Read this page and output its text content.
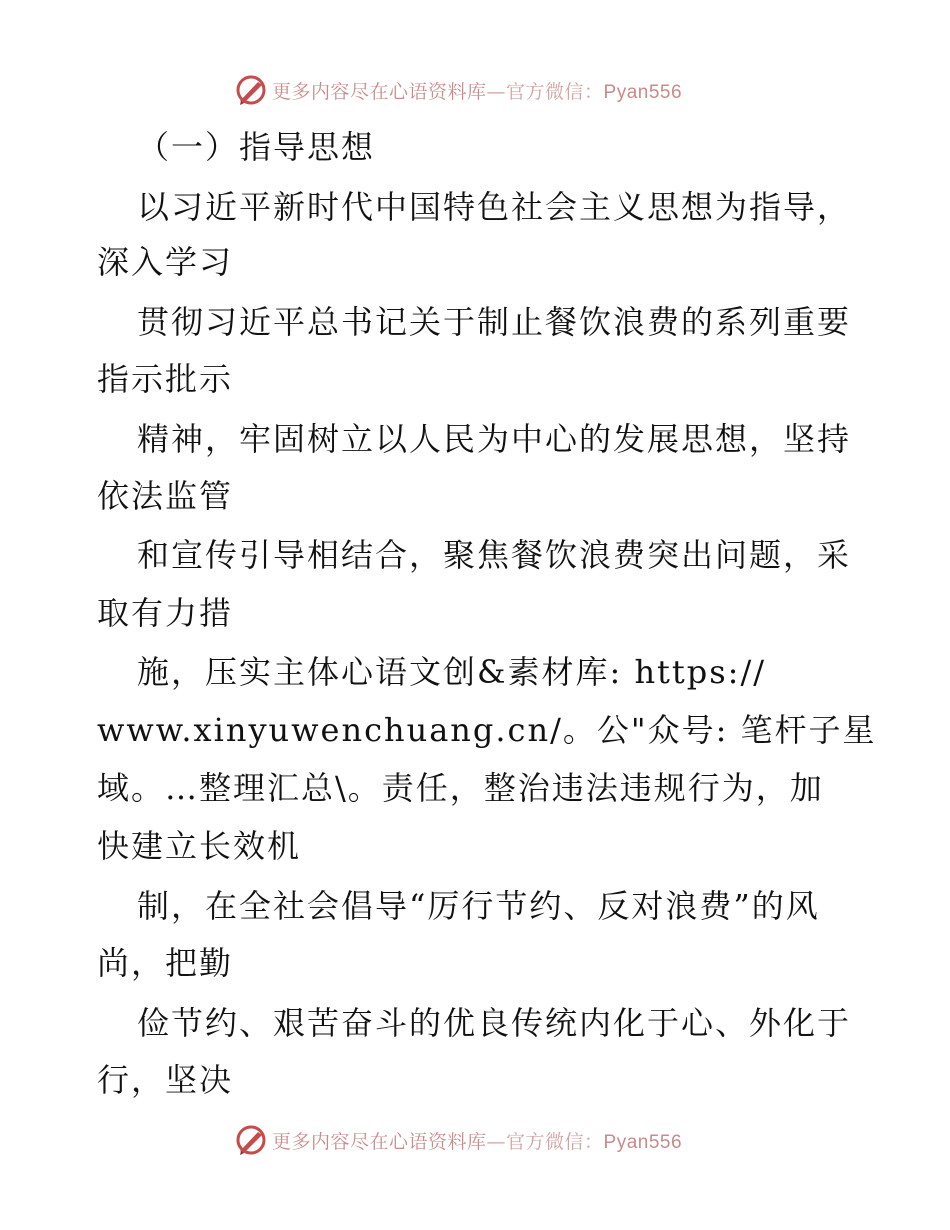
更多内容尽在心语资料库—官方微信：Pyan556
（一）指导思想
以习近平新时代中国特色社会主义思想为指导，
深入学习
贯彻习近平总书记关于制止餐饮浪费的系列重要
指示批示
精神，牢固树立以人民为中心的发展思想，坚持
依法监管
和宣传引导相结合，聚焦餐饮浪费突出问题，采
取有力措
施，压实主体心语文创&素材库: https://
www.xinyuwenchuang.cn/。公"众号: 笔杆子星
域。…整理汇总\。责任，整治违法违规行为，加
快建立长效机
制，在全社会倡导“厉行节约、反对浪费”的风
尚，把勤
俭节约、艰苦奋斗的优良传统内化于心、外化于
行，坚决
更多内容尽在心语资料库—官方微信：Pyan556
